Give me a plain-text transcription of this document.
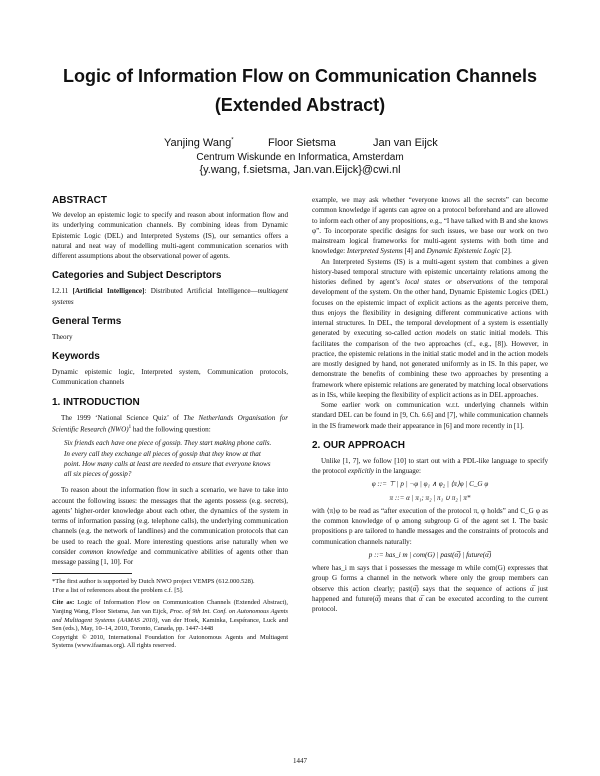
Logic of Information Flow on Communication Channels
(Extended Abstract)
Yanjing Wang*	Floor Sietsma	Jan van Eijck
Centrum Wiskunde en Informatica, Amsterdam
{y.wang, f.sietsma, Jan.van.Eijck}@cwi.nl
ABSTRACT

We develop an epistemic logic to specify and reason about information flow and its underlying communication channels. By combining ideas from Dynamic Epistemic Logic (DEL) and Interpreted Systems (IS), our semantics offers a natural and neat way of modelling multi-agent communication scenarios with different assumptions about the observational power of agents.

Categories and Subject Descriptors

I.2.11 [Artificial Intelligence]: Distributed Artificial Intelligence—multiagent systems

General Terms

Theory

Keywords

Dynamic epistemic logic, Interpreted system, Communication protocols, Communication channels

1. INTRODUCTION

The 1999 ‘National Science Quiz’ of The Netherlands Organisation for Scientific Research (NWO)$^1$ had the following question:

Six friends each have one piece of gossip. They start making phone calls. In every call they exchange all pieces of gossip that they know at that point. How many calls at least are needed to ensure that everyone knows all six pieces of gossip?

To reason about the information flow in such a scenario, we have to take into account the following issues: the messages that the agents possess (e.g. secrets), agents’ higher-order knowledge about each other, the dynamics of the system in terms of information passing (e.g. telephone calls), the underlying communication channels (e.g. the network of landlines) and the communication protocols that can be used to reach the goal. More interesting questions arise naturally when we consider common knowledge and communicative abilities of agents other than message passing [1, 10]. For

*The first author is supported by Dutch NWO project VEMPS (612.000.528).

1For a list of references about the problem c.f. [5].

Cite as: Logic of Information Flow on Communication Channels (Extended Abstract), Yanjing Wang, Floor Sietsma, Jan van Eijck, Proc. of 9th Int. Conf. on Autonomous Agents and Multiagent Systems (AAMAS 2010), van der Hoek, Kaminka, Lespérance, Luck and Sen (eds.), May, 10–14, 2010, Toronto, Canada, pp. 1447-1448

Copyright © 2010, International Foundation for Autonomous Agents and Multiagent Systems (www.ifaamas.org). All rights reserved.

example, we may ask whether “everyone knows all the secrets” can become common knowledge if agents can agree on a protocol beforehand and are allowed to inform each other of any propositions, e.g., “I have talked with B and she knows φ”. To incorporate specific designs for such issues, we base our work on two mainstream logical frameworks for multi-agent systems with both time and knowledge: Interpreted Systems [4] and Dynamic Epistemic Logic [2].

An Interpreted Systems (IS) is a multi-agent system that combines a given history-based temporal structure with epistemic uncertainty relations among the histories defined by agent’s local states or observations of the temporal development of the system. On the other hand, Dynamic Epistemic Logics (DEL) focuses on the epistemic impact of explicit actions as the agents perceive them, thus enjoys the flexibility in designing different communicative actions with internal structures. In DEL, the temporal development of a system is essentially generated by executing so-called action models on static initial models. This facilitates the comparison of the two approaches (cf., e.g., [8]). However, in practice, the epistemic relations in the initial static model and in the action models are mostly designed by hand, not generated uniformly as in IS. In this paper, we demonstrate the benefits of combining these two approaches by presenting a framework where epistemic relations are generated by matching local observations as in ISs, while keeping the flexibility of explicit actions as in DEL approaches.

Some earlier work on communication w.r.t. underlying channels within standard DEL can be found in [9, Ch. 6.6] and [7], while communication channels in the IS framework made their appearance in [6] and more recently in [1].

2. OUR APPROACH

Unlike [1, 7], we follow [10] to start out with a PDL-like language to specify the protocol explicitly in the language:

φ ::= ⊤ | p | ¬φ | φ₁ ∧ φ₂ | ⟨π⟩φ | C_G φ

π ::= α | π₁; π₂ | π₁ ∪ π₂ | π*

with ⟨π⟩φ to be read as “after execution of the protocol π, φ holds” and C_G φ as the common knowledge of φ among subgroup G of the agent set I. The basic propositions p are tailored to handle messages and the constraints of protocols and communication channels naturally:

p ::= has_i m | com(G) | past(α̅) | future(α̅)

where has_i m says that i possesses the message m while com(G) expresses that group G forms a channel in the network where only the group members can observe this action clearly; past(α̅) says that the sequence of actions α̅ just happened and future(α̅) means that α̅ can be executed according to the current protocol.

1447
